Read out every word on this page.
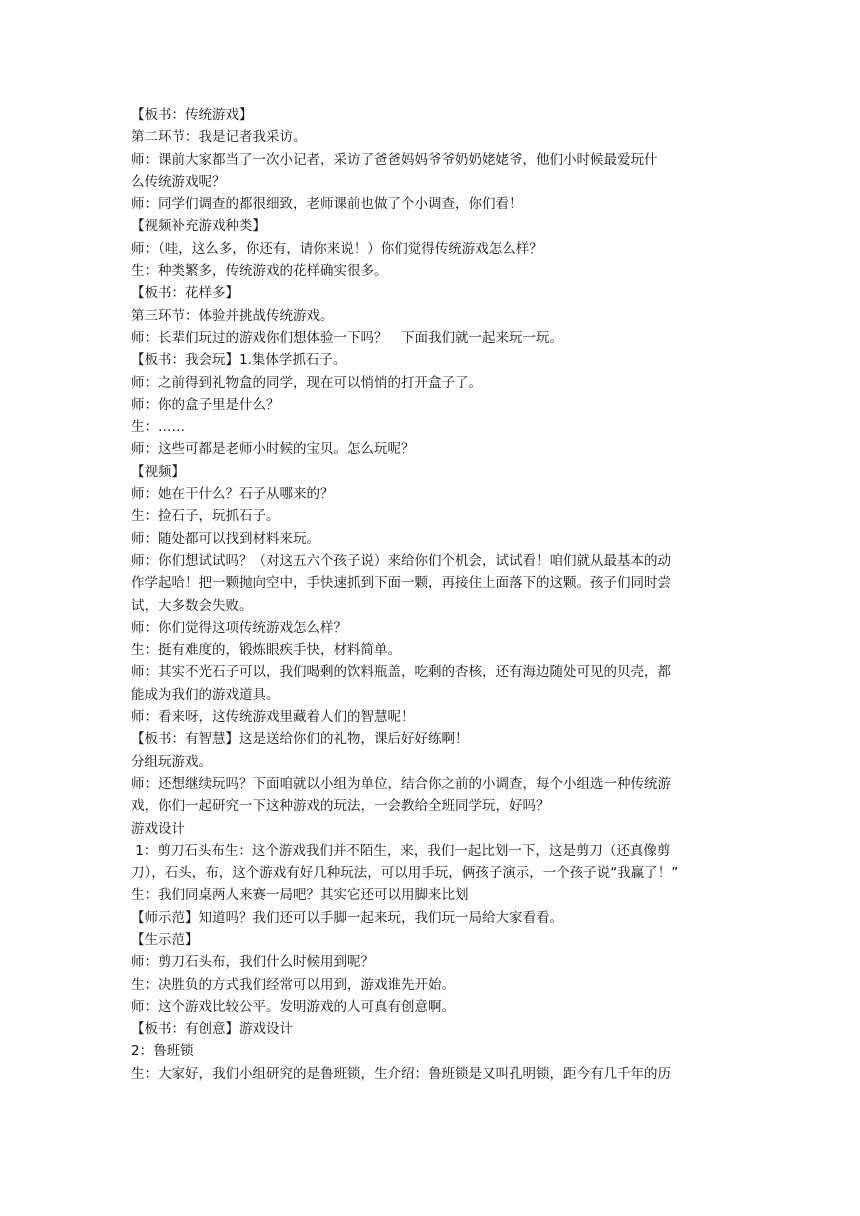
【板书：传统游戏】
第二环节：我是记者我采访。
师：课前大家都当了一次小记者，采访了爸爸妈妈爷爷奶奶姥姥爷，他们小时候最爱玩什
么传统游戏呢？
师：同学们调查的都很细致，老师课前也做了个小调查，你们看！
【视频补充游戏种类】
师：（哇，这么多，你还有，请你来说！）你们觉得传统游戏怎么样？
生：种类繁多，传统游戏的花样确实很多。
【板书：花样多】
第三环节：体验并挑战传统游戏。
师：长辈们玩过的游戏你们想体验一下吗？　下面我们就一起来玩一玩。
【板书：我会玩】1.集体学抓石子。
师：之前得到礼物盒的同学，现在可以悄悄的打开盒子了。
师：你的盒子里是什么？
生：……
师：这些可都是老师小时候的宝贝。怎么玩呢？
【视频】
师：她在干什么？石子从哪来的？
生：捡石子，玩抓石子。
师：随处都可以找到材料来玩。
师：你们想试试吗？（对这五六个孩子说）来给你们个机会，试试看！咱们就从最基本的动
作学起哈！把一颗抛向空中，手快速抓到下面一颗，再接住上面落下的这颗。孩子们同时尝
试，大多数会失败。
师：你们觉得这项传统游戏怎么样？
生：挺有难度的，锻炼眼疾手快，材料简单。
师：其实不光石子可以，我们喝剩的饮料瓶盖，吃剩的杏核，还有海边随处可见的贝壳，都
能成为我们的游戏道具。
师：看来呀，这传统游戏里藏着人们的智慧呢！
【板书：有智慧】这是送给你们的礼物，课后好好练啊！
分组玩游戏。
师：还想继续玩吗？下面咱就以小组为单位，结合你之前的小调查，每个小组选一种传统游
戏，你们一起研究一下这种游戏的玩法，一会教给全班同学玩，好吗？
游戏设计
1：剪刀石头布生：这个游戏我们并不陌生，来，我们一起比划一下，这是剪刀（还真像剪
刀），石头，布，这个游戏有好几种玩法，可以用手玩，俩孩子演示，一个孩子说“我赢了！”
生：我们同桌两人来赛一局吧？其实它还可以用脚来比划
【师示范】知道吗？我们还可以手脚一起来玩，我们玩一局给大家看看。
【生示范】
师：剪刀石头布，我们什么时候用到呢？
生：决胜负的方式我们经常可以用到，游戏谁先开始。
师：这个游戏比较公平。发明游戏的人可真有创意啊。
【板书：有创意】游戏设计
2：鲁班锁
生：大家好，我们小组研究的是鲁班锁，生介绍：鲁班锁是又叫孔明锁，距今有几千年的历
